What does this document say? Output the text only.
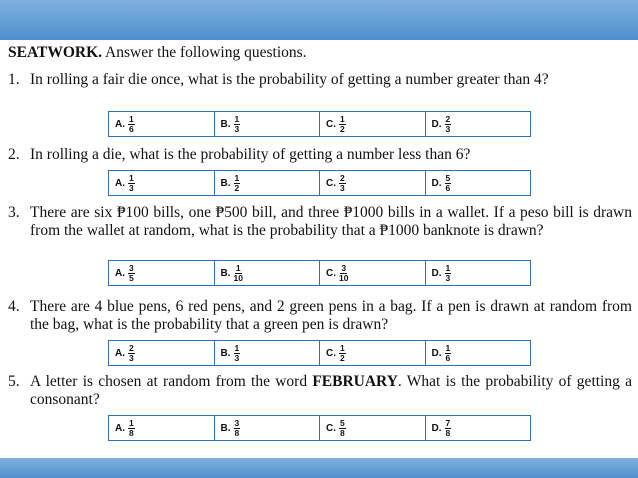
SEATWORK. Answer the following questions.
1. In rolling a fair die once, what is the probability of getting a number greater than 4?
A. $\frac{1}{6}$	B. $\frac{1}{3}$	C. $\frac{1}{2}$	D. $\frac{2}{3}$
2. In rolling a die, what is the probability of getting a number less than 6?
A. $\frac{1}{3}$	B. $\frac{1}{2}$	C. $\frac{2}{3}$	D. $\frac{5}{6}$
3. There are six ₱100 bills, one ₱500 bill, and three ₱1000 bills in a wallet. If a peso bill is drawn from the wallet at random, what is the probability that a ₱1000 banknote is drawn?
A. $\frac{3}{5}$	B. $\frac{1}{10}$	C. $\frac{3}{10}$	D. $\frac{1}{3}$
4. There are 4 blue pens, 6 red pens, and 2 green pens in a bag. If a pen is drawn at random from the bag, what is the probability that a green pen is drawn?
A. $\frac{2}{3}$	B. $\frac{1}{3}$	C. $\frac{1}{2}$	D. $\frac{1}{6}$
5. A letter is chosen at random from the word FEBRUARY. What is the probability of getting a consonant?
A. $\frac{1}{8}$	B. $\frac{3}{8}$	C. $\frac{5}{8}$	D. $\frac{7}{8}$
